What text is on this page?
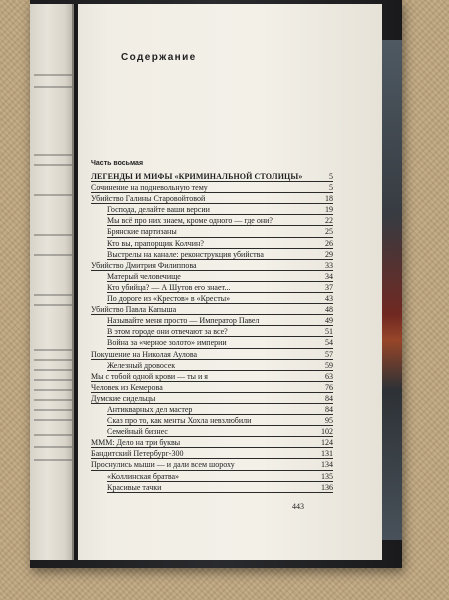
Содержание
Часть восьмая
ЛЕГЕНДЫ И МИФЫ «КРИМИНАЛЬНОЙ СТОЛИЦЫ»	5
Сочинение на подневольную тему	5
Убийство Галины Старовойтовой	18
Господа, делайте ваши версии	19
Мы всё про них знаем, кроме одного — где они?	22
Брянские партизаны	25
Кто вы, прапорщик Колчин?	26
Выстрелы на канале: реконструкция убийства	29
Убийство Дмитрия Филиппова	33
Матерый человечище	34
Кто убийца? — А Шутов его знает...	37
По дороге из «Крестов» в «Кресты»	43
Убийство Павла Капыша	48
Называйте меня просто — Император Павел	49
В этом городе они отвечают за все?	51
Война за «черное золото» империи	54
Покушение на Николая Аулова	57
Железный дровосек	59
Мы с тобой одной крови — ты и я	63
Человек из Кемерова	76
Думские сидельцы	84
Антикварных дел мастер	84
Сказ про то, как менты Хохла невзлюбили	95
Семейный бизнес	102
МММ: Дело на три буквы	124
Бандитский Петербург-300	131
Проснулись мыши — и дали всем шороху	134
«Коллинская братва»	135
Красивые тачки	136
443
